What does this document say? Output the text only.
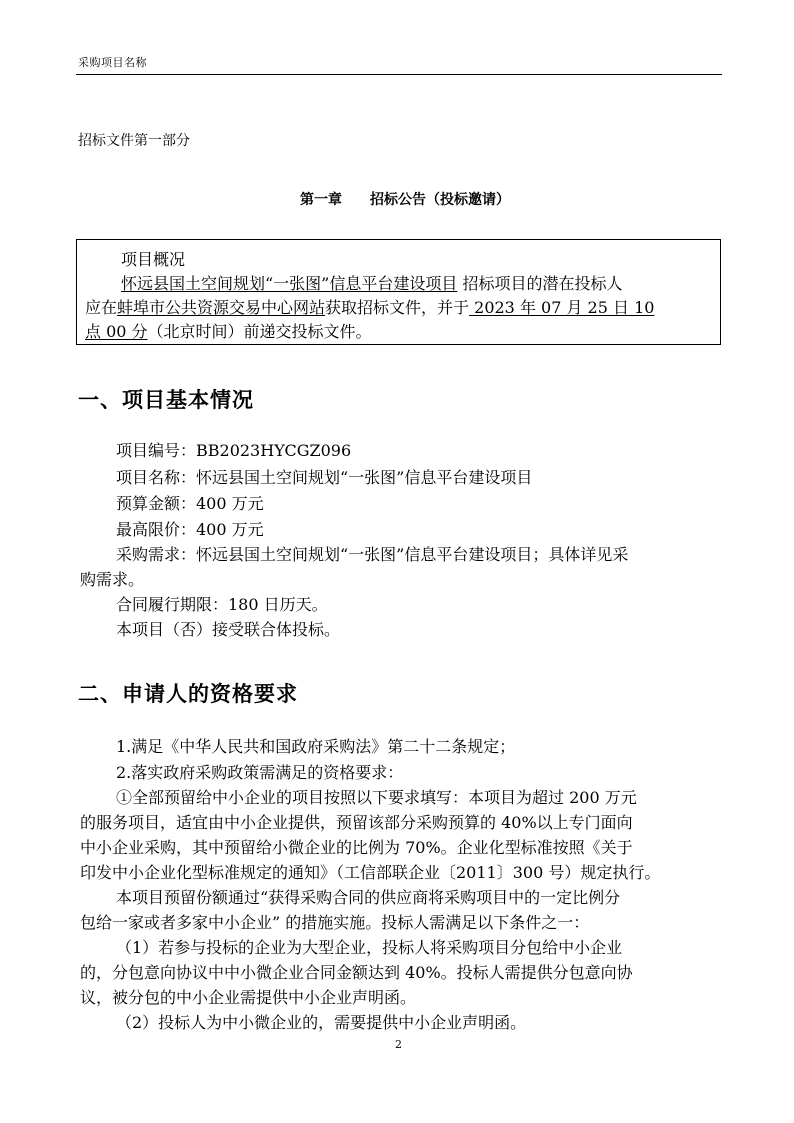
采购项目名称
招标文件第一部分
第一章　　招标公告（投标邀请）
项目概况
怀远县国土空间规划“一张图”信息平台建设项目 招标项目的潜在投标人
应在蚌埠市公共资源交易中心网站获取招标文件，并于 2023 年 07 月 25 日 10
点 00 分（北京时间）前递交投标文件。
一、项目基本情况
项目编号：BB2023HYCGZ096
项目名称：怀远县国土空间规划“一张图”信息平台建设项目
预算金额：400 万元
最高限价：400 万元
采购需求：怀远县国土空间规划“一张图”信息平台建设项目；具体详见采
购需求。
合同履行期限：180 日历天。
本项目（否）接受联合体投标。
二、申请人的资格要求
1.满足《中华人民共和国政府采购法》第二十二条规定；
2.落实政府采购政策需满足的资格要求：
①全部预留给中小企业的项目按照以下要求填写：本项目为超过 200 万元
的服务项目，适宜由中小企业提供，预留该部分采购预算的 40%以上专门面向
中小企业采购，其中预留给小微企业的比例为 70%。企业化型标准按照《关于
印发中小企业化型标准规定的通知》（工信部联企业〔2011〕300 号）规定执行。
本项目预留份额通过“获得采购合同的供应商将采购项目中的一定比例分
包给一家或者多家中小企业” 的措施实施。投标人需满足以下条件之一：
（1）若参与投标的企业为大型企业，投标人将采购项目分包给中小企业
的，分包意向协议中中小微企业合同金额达到 40%。投标人需提供分包意向协
议，被分包的中小企业需提供中小企业声明函。
（2）投标人为中小微企业的，需要提供中小企业声明函。
2
